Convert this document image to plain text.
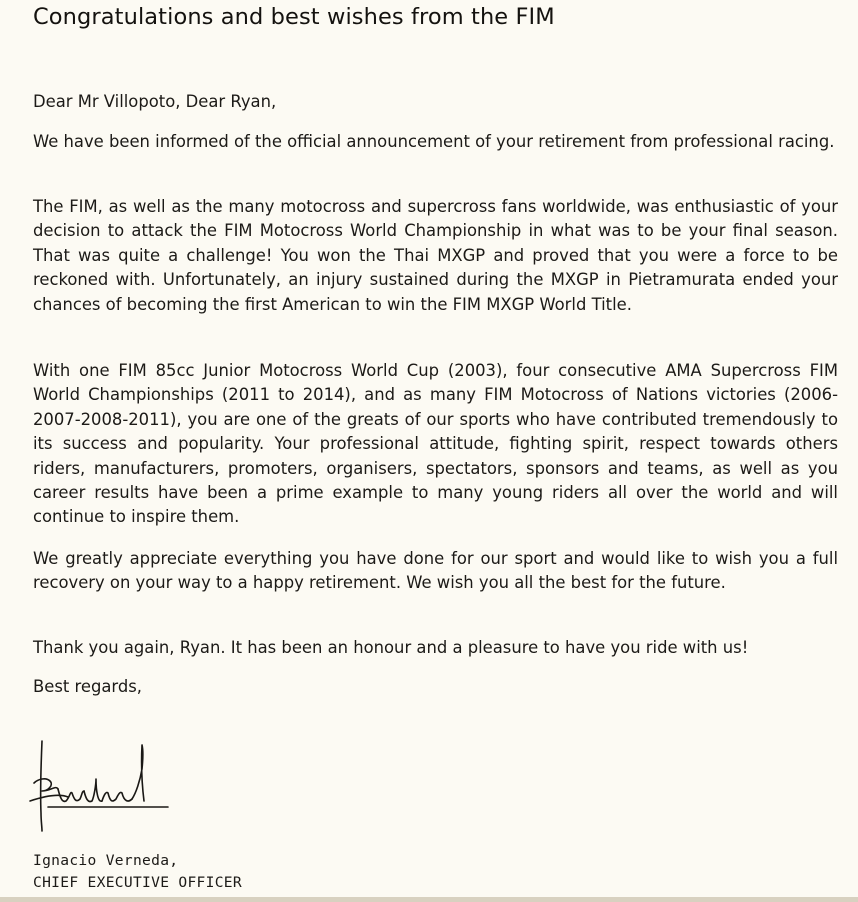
Congratulations and best wishes from the FIM
Dear Mr Villopoto, Dear Ryan,

We have been informed of the official announcement of your retirement from professional racing.

The FIM, as well as the many motocross and supercross fans worldwide, was enthusiastic of your decision to attack the FIM Motocross World Championship in what was to be your final season. That was quite a challenge! You won the Thai MXGP and proved that you were a force to be reckoned with. Unfortunately, an injury sustained during the MXGP in Pietramurata ended your chances of becoming the first American to win the FIM MXGP World Title.

With one FIM 85cc Junior Motocross World Cup (2003), four consecutive AMA Supercross FIM World Championships (2011 to 2014), and as many FIM Motocross of Nations victories (2006-2007-2008-2011), you are one of the greats of our sports who have contributed tremendously to its success and popularity. Your professional attitude, fighting spirit, respect towards others riders, manufacturers, promoters, organisers, spectators, sponsors and teams, as well as you career results have been a prime example to many young riders all over the world and will continue to inspire them.

We greatly appreciate everything you have done for our sport and would like to wish you a full recovery on your way to a happy retirement. We wish you all the best for the future.

Thank you again, Ryan. It has been an honour and a pleasure to have you ride with us!

Best regards,
Ignacio Verneda,
CHIEF EXECUTIVE OFFICER
